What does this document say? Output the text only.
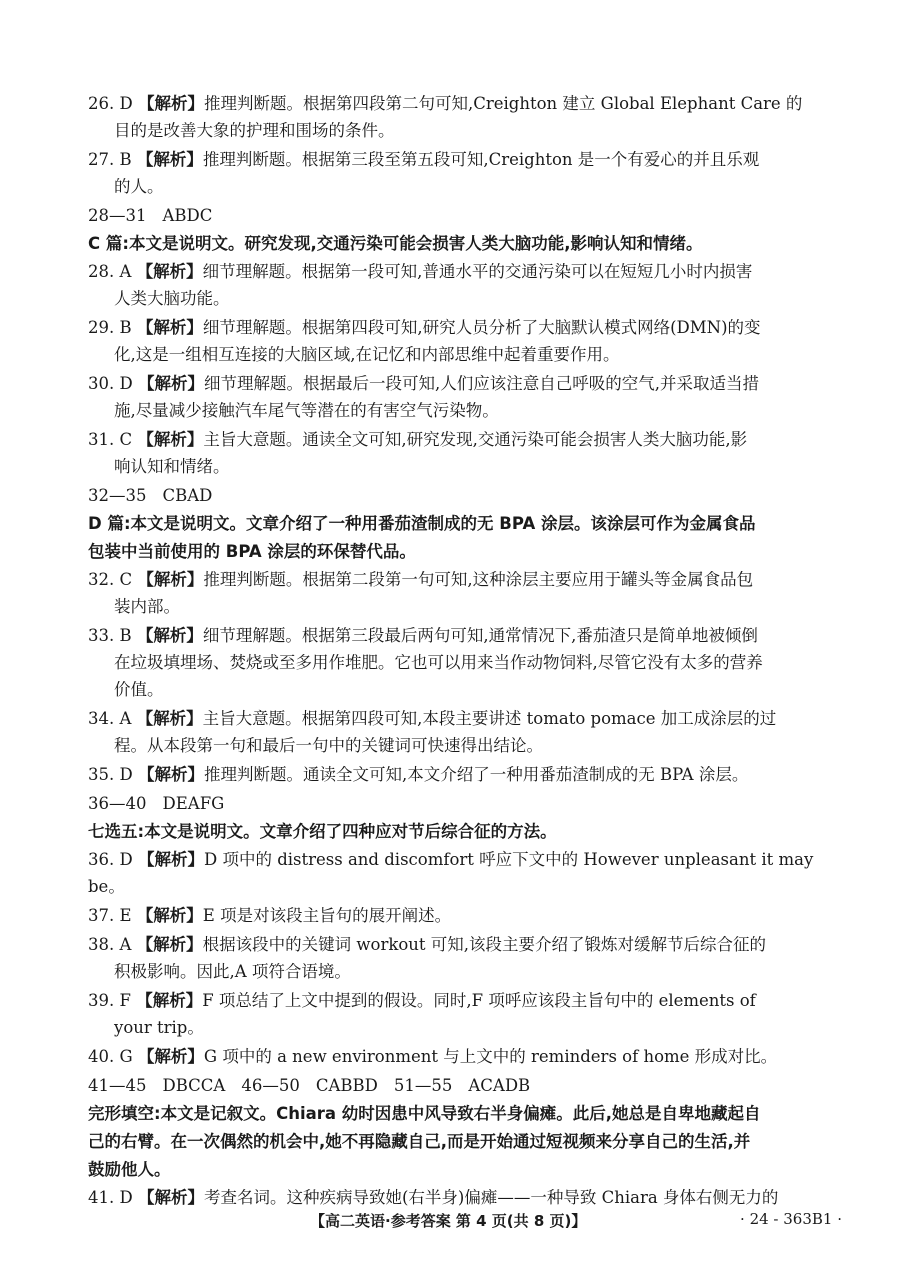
26. D 【解析】推理判断题。根据第四段第二句可知,Creighton 建立 Global Elephant Care 的

目的是改善大象的护理和围场的条件。

27. B 【解析】推理判断题。根据第三段至第五段可知,Creighton 是一个有爱心的并且乐观

的人。

28—31 ABDC

C 篇:本文是说明文。研究发现,交通污染可能会损害人类大脑功能,影响认知和情绪。

28. A 【解析】细节理解题。根据第一段可知,普通水平的交通污染可以在短短几小时内损害

人类大脑功能。

29. B 【解析】细节理解题。根据第四段可知,研究人员分析了大脑默认模式网络(DMN)的变

化,这是一组相互连接的大脑区域,在记忆和内部思维中起着重要作用。

30. D 【解析】细节理解题。根据最后一段可知,人们应该注意自己呼吸的空气,并采取适当措

施,尽量减少接触汽车尾气等潜在的有害空气污染物。

31. C 【解析】主旨大意题。通读全文可知,研究发现,交通污染可能会损害人类大脑功能,影

响认知和情绪。

32—35 CBAD

D 篇:本文是说明文。文章介绍了一种用番茄渣制成的无 BPA 涂层。该涂层可作为金属食品

包装中当前使用的 BPA 涂层的环保替代品。

32. C 【解析】推理判断题。根据第二段第一句可知,这种涂层主要应用于罐头等金属食品包

装内部。

33. B 【解析】细节理解题。根据第三段最后两句可知,通常情况下,番茄渣只是简单地被倾倒

在垃圾填埋场、焚烧或至多用作堆肥。它也可以用来当作动物饲料,尽管它没有太多的营养

价值。

34. A 【解析】主旨大意题。根据第四段可知,本段主要讲述 tomato pomace 加工成涂层的过

程。从本段第一句和最后一句中的关键词可快速得出结论。

35. D 【解析】推理判断题。通读全文可知,本文介绍了一种用番茄渣制成的无 BPA 涂层。

36—40 DEAFG

七选五:本文是说明文。文章介绍了四种应对节后综合征的方法。

36. D 【解析】D 项中的 distress and discomfort 呼应下文中的 However unpleasant it may be。

37. E 【解析】E 项是对该段主旨句的展开阐述。

38. A 【解析】根据该段中的关键词 workout 可知,该段主要介绍了锻炼对缓解节后综合征的

积极影响。因此,A 项符合语境。

39. F 【解析】F 项总结了上文中提到的假设。同时,F 项呼应该段主旨句中的 elements of

your trip。

40. G 【解析】G 项中的 a new environment 与上文中的 reminders of home 形成对比。

41—45 DBCCA 46—50 CABBD 51—55 ACADB

完形填空:本文是记叙文。Chiara 幼时因患中风导致右半身偏瘫。此后,她总是自卑地藏起自

己的右臂。在一次偶然的机会中,她不再隐藏自己,而是开始通过短视频来分享自己的生活,并

鼓励他人。

41. D 【解析】考查名词。这种疾病导致她(右半身)偏瘫——一种导致 Chiara 身体右侧无力的

【高二英语·参考答案 第 4 页(共 8 页)】	· 24 - 363B1 ·
